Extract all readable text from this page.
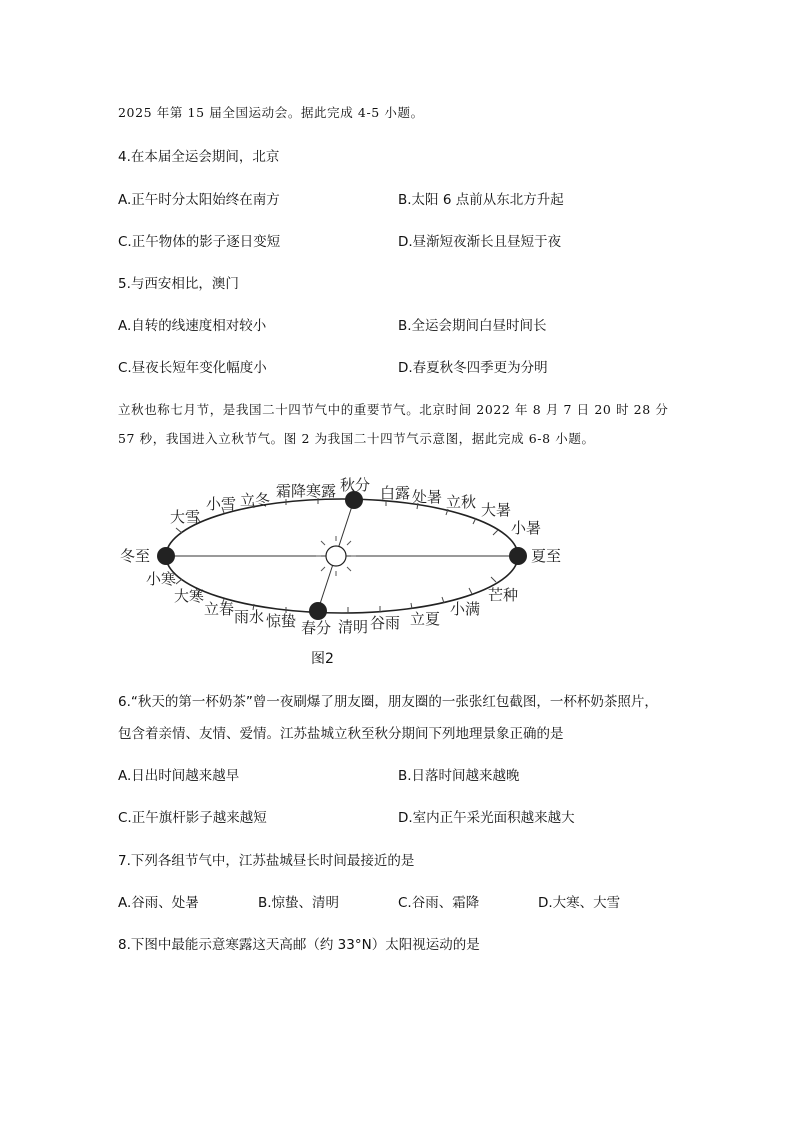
2025 年第 15 届全国运动会。据此完成 4-5 小题。
4.在本届全运会期间，北京
A.正午时分太阳始终在南方	B.太阳 6 点前从东北方升起
C.正午物体的影子逐日变短	D.昼渐短夜渐长且昼短于夜
5.与西安相比，澳门
A.自转的线速度相对较小	B.全运会期间白昼时间长
C.昼夜长短年变化幅度小	D.春夏秋冬四季更为分明
立秋也称七月节，是我国二十四节气中的重要节气。北京时间 2022 年 8 月 7 日 20 时 28 分
57 秒，我国进入立秋节气。图 2 为我国二十四节气示意图，据此完成 6-8 小题。
冬至
小寒
大寒
立春 雨水 惊蛰 春分 清明 谷雨 立夏
小满
芒种
夏至
小暑
大暑
立秋
处暑
白露
秋分
寒露
霜降
立冬
小雪
大雪
图2
6.“秋天的第一杯奶茶”曾一夜刷爆了朋友圈，朋友圈的一张张红包截图，一杯杯奶茶照片，
包含着亲情、友情、爱情。江苏盐城立秋至秋分期间下列地理景象正确的是
A.日出时间越来越早	B.日落时间越来越晚
C.正午旗杆影子越来越短	D.室内正午采光面积越来越大
7.下列各组节气中，江苏盐城昼长时间最接近的是
A.谷雨、处暑	B.惊蛰、清明	C.谷雨、霜降	D.大寒、大雪
8.下图中最能示意寒露这天高邮（约 33°N）太阳视运动的是
